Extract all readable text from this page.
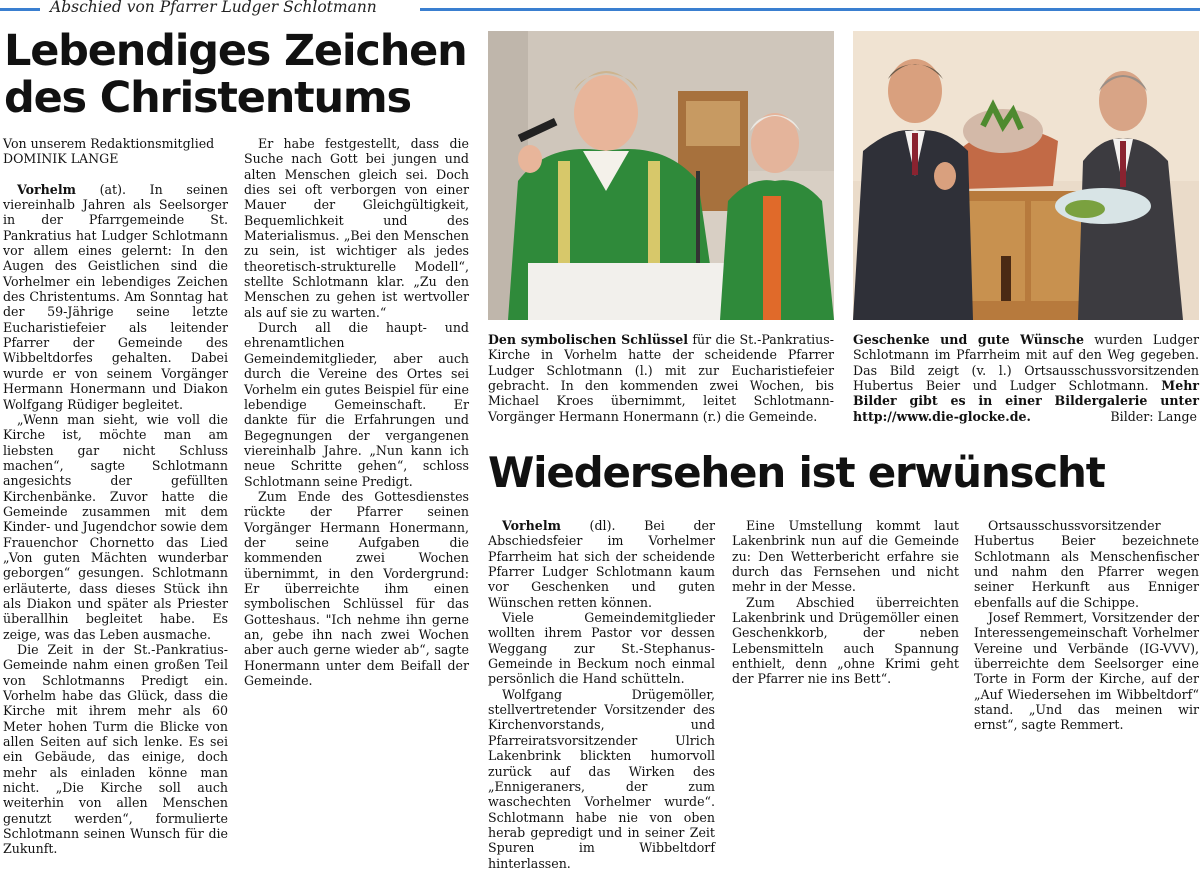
Abschied von Pfarrer Ludger Schlotmann
Lebendiges Zeichen
des Christentums

Von unserem Redaktionsmitglied
DOMINIK LANGE

Vorhelm (at). In seinen viereinhalb Jahren als Seelsorger in der Pfarrgemeinde St. Pankratius hat Ludger Schlotmann vor allem eines gelernt: In den Augen des Geistlichen sind die Vorhelmer ein lebendiges Zeichen des Christentums. Am Sonntag hat der 59-Jährige seine letzte Eucharistiefeier als leitender Pfarrer der Gemeinde des Wibbeltdorfes gehalten. Dabei wurde er von seinem Vorgänger Hermann Honermann und Diakon Wolfgang Rüdiger begleitet.

„Wenn man sieht, wie voll die Kirche ist, möchte man am liebsten gar nicht Schluss machen“, sagte Schlotmann angesichts der gefüllten Kirchenbänke. Zuvor hatte die Gemeinde zusammen mit dem Kinder- und Jugendchor sowie dem Frauenchor Chornetto das Lied „Von guten Mächten wunderbar geborgen“ gesungen. Schlotmann erläuterte, dass dieses Stück ihn als Diakon und später als Priester überallhin begleitet habe. Es zeige, was das Leben ausmache.

Die Zeit in der St.-Pankratius-Gemeinde nahm einen großen Teil von Schlotmanns Predigt ein. Vorhelm habe das Glück, dass die Kirche mit ihrem mehr als 60 Meter hohen Turm die Blicke von allen Seiten auf sich lenke. Es sei ein Gebäude, das einige, doch mehr als einladen könne man nicht. „Die Kirche soll auch weiterhin von allen Menschen genutzt werden“, formulierte Schlotmann seinen Wunsch für die Zukunft.

Er habe festgestellt, dass die Suche nach Gott bei jungen und alten Menschen gleich sei. Doch dies sei oft verborgen von einer Mauer der Gleichgültigkeit, Bequemlichkeit und des Materialismus. „Bei den Menschen zu sein, ist wichtiger als jedes theoretisch-strukturelle Modell“, stellte Schlotmann klar. „Zu den Menschen zu gehen ist wertvoller als auf sie zu warten.“

Durch all die haupt- und ehrenamtlichen Gemeindemitglieder, aber auch durch die Vereine des Ortes sei Vorhelm ein gutes Beispiel für eine lebendige Gemeinschaft. Er dankte für die Erfahrungen und Begegnungen der vergangenen viereinhalb Jahre. „Nun kann ich neue Schritte gehen“, schloss Schlotmann seine Predigt.

Zum Ende des Gottesdienstes rückte der Pfarrer seinen Vorgänger Hermann Honermann, der seine Aufgaben die kommenden zwei Wochen übernimmt, in den Vordergrund: Er überreichte ihm einen symbolischen Schlüssel für das Gotteshaus. "Ich nehme ihn gerne an, gebe ihn nach zwei Wochen aber auch gerne wieder ab“, sagte Honermann unter dem Beifall der Gemeinde.

Den symbolischen Schlüssel für die St.-Pankratius-Kirche in Vorhelm hatte der scheidende Pfarrer Ludger Schlotmann (l.) mit zur Eucharistiefeier gebracht. In den kommenden zwei Wochen, bis Michael Kroes übernimmt, leitet Schlotmann-Vorgänger Hermann Honermann (r.) die Gemeinde.
Geschenke und gute Wünsche wurden Ludger Schlotmann im Pfarrheim mit auf den Weg gegeben. Das Bild zeigt (v. l.) Ortsausschussvorsitzenden Hubertus Beier und Ludger Schlotmann. Mehr Bilder gibt es in einer Bildergalerie unter http://www.die-glocke.de.	Bilder: Lange
Wiedersehen ist erwünscht

Vorhelm (dl). Bei der Abschiedsfeier im Vorhelmer Pfarrheim hat sich der scheidende Pfarrer Ludger Schlotmann kaum vor Geschenken und guten Wünschen retten können.

Viele Gemeindemitglieder wollten ihrem Pastor vor dessen Weggang zur St.-Stephanus-Gemeinde in Beckum noch einmal persönlich die Hand schütteln.

Wolfgang Drügemöller, stellvertretender Vorsitzender des Kirchenvorstands, und Pfarreiratsvorsitzender Ulrich Lakenbrink blickten humorvoll zurück auf das Wirken des „Ennigeraners, der zum waschechten Vorhelmer wurde“. Schlotmann habe nie von oben herab gepredigt und in seiner Zeit Spuren im Wibbeltdorf hinterlassen.

Eine Umstellung kommt laut Lakenbrink nun auf die Gemeinde zu: Den Wetterbericht erfahre sie durch das Fernsehen und nicht mehr in der Messe.

Zum Abschied überreichten Lakenbrink und Drügemöller einen Geschenkkorb, der neben Lebensmitteln auch Spannung enthielt, denn „ohne Krimi geht der Pfarrer nie ins Bett“.

Ortsausschussvorsitzender Hubertus Beier bezeichnete Schlotmann als Menschenfischer und nahm den Pfarrer wegen seiner Herkunft aus Enniger ebenfalls auf die Schippe.

Josef Remmert, Vorsitzender der Interessengemeinschaft Vorhelmer Vereine und Verbände (IG-VVV), überreichte dem Seelsorger eine Torte in Form der Kirche, auf der „Auf Wiedersehen im Wibbeltdorf“ stand. „Und das meinen wir ernst“, sagte Remmert.
